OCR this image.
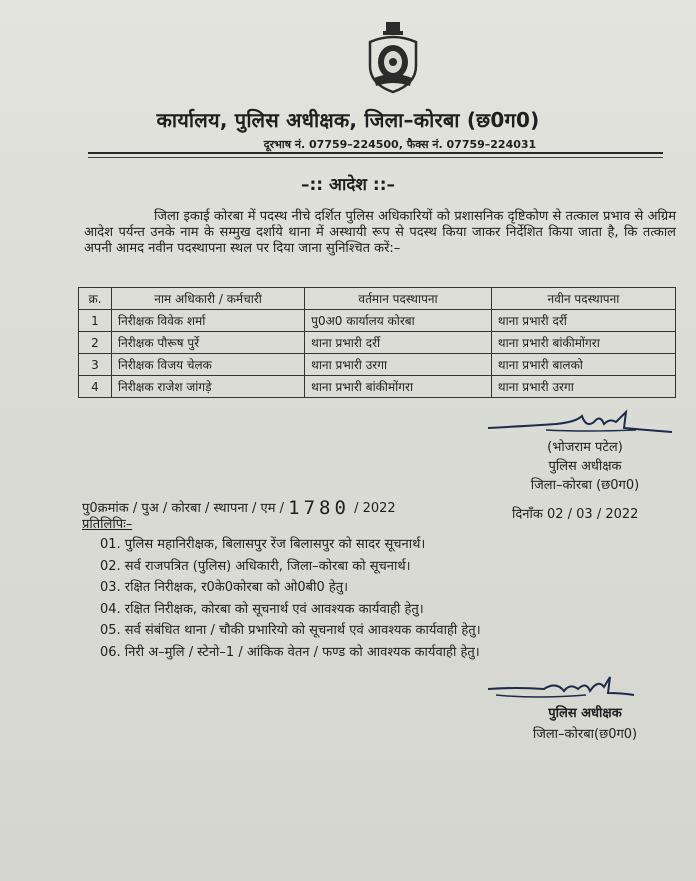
कार्यालय, पुलिस अधीक्षक, जिला–कोरबा (छ0ग0)
दूरभाष नं. 07759–224500, फैक्स नं. 07759–224031
–:: आदेश ::–
जिला इकाई कोरबा में पदस्थ नीचे दर्शित पुलिस अधिकारियों को प्रशासनिक दृष्टिकोण से तत्काल प्रभाव से अग्रिम आदेश पर्यन्त उनके नाम के सम्मुख दर्शाये थाना में अस्थायी रूप से पदस्थ किया जाकर निर्देशित किया जाता है, कि तत्काल अपनी आमद नवीन पदस्थापना स्थल पर दिया जाना सुनिश्चित करें:–
क्र.	नाम अधिकारी / कर्मचारी	वर्तमान पदस्थापना	नवीन पदस्थापना
1	निरीक्षक विवेक शर्मा	पु0अ0 कार्यालय कोरबा	थाना प्रभारी दर्री
2	निरीक्षक पौरूष पुर्रे	थाना प्रभारी दर्री	थाना प्रभारी बांकीमोंगरा
3	निरीक्षक विजय चेलक	थाना प्रभारी उरगा	थाना प्रभारी बालको
4	निरीक्षक राजेश जांगड़े	थाना प्रभारी बांकीमोंगरा	थाना प्रभारी उरगा
(भोजराम पटेल)
पुलिस अधीक्षक
जिला–कोरबा (छ0ग0)
पु0क्रमांक / पुअ / कोरबा / स्थापना / एम / 1780 / 2022	दिनाँक 02 / 03 / 2022
प्रतिलिपिः–
01. पुलिस महानिरीक्षक, बिलासपुर रेंज बिलासपुर को सादर सूचनार्थ।
02. सर्व राजपत्रित (पुलिस) अधिकारी, जिला–कोरबा को सूचनार्थ।
03. रक्षित निरीक्षक, र0के0कोरबा को ओ0बी0 हेतु।
04. रक्षित निरीक्षक, कोरबा को सूचनार्थ एवं आवश्यक कार्यवाही हेतु।
05. सर्व संबंधित थाना / चौकी प्रभारियो को सूचनार्थ एवं आवश्यक कार्यवाही हेतु।
06. निरी अ–मुलि / स्टेनो–1 / आंकिक वेतन / फण्ड को आवश्यक कार्यवाही हेतु।
पुलिस अधीक्षक
जिला–कोरबा(छ0ग0)
